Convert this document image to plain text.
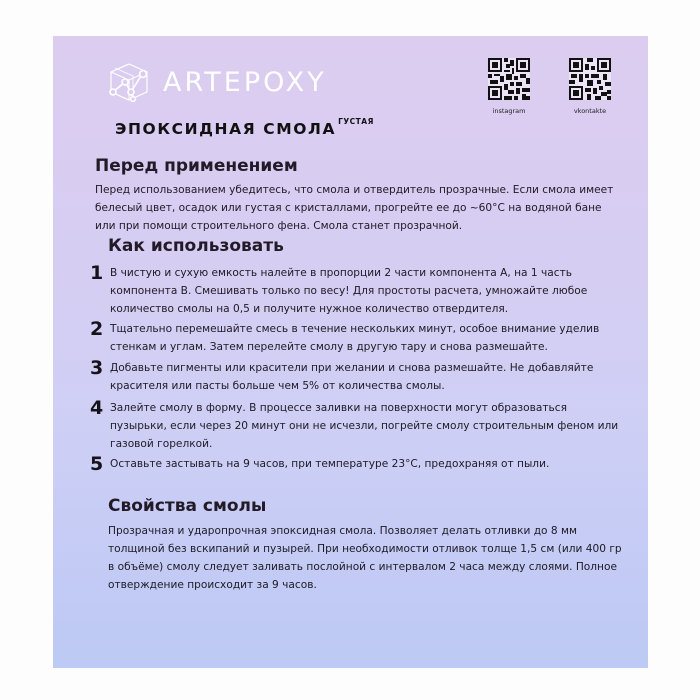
ARTEPOXY
ЭПОКСИДНАЯ СМОЛА $^{ГУСТАЯ}$
instagram	vkontakte
Перед применением
Перед использованием убедитесь, что смола и отвердитель прозрачные. Если смола имеет белесый цвет, осадок или густая с кристаллами, прогрейте ее до ~60°C на водяной бане или при помощи строительного фена. Смола станет прозрачной.
Как использовать
1 В чистую и сухую емкость налейте в пропорции 2 части компонента А, на 1 часть компонента В. Смешивать только по весу! Для простоты расчета, умножайте любое количество смолы на 0,5 и получите нужное количество отвердителя.
2 Тщательно перемешайте смесь в течение нескольких минут, особое внимание уделив стенкам и углам. Затем перелейте смолу в другую тару и снова размешайте.
3 Добавьте пигменты или красители при желании и снова размешайте. Не добавляйте красителя или пасты больше чем 5% от количества смолы.
4 Залейте смолу в форму. В процессе заливки на поверхности могут образоваться пузырьки, если через 20 минут они не исчезли, погрейте смолу строительным феном или газовой горелкой.
5 Оставьте застывать на 9 часов, при температуре 23°C, предохраняя от пыли.
Свойства смолы
Прозрачная и ударопрочная эпоксидная смола. Позволяет делать отливки до 8 мм толщиной без вскипаний и пузырей. При необходимости отливок толще 1,5 см (или 400 гр в объёме) смолу следует заливать послойной с интервалом 2 часа между слоями. Полное отверждение происходит за 9 часов.
